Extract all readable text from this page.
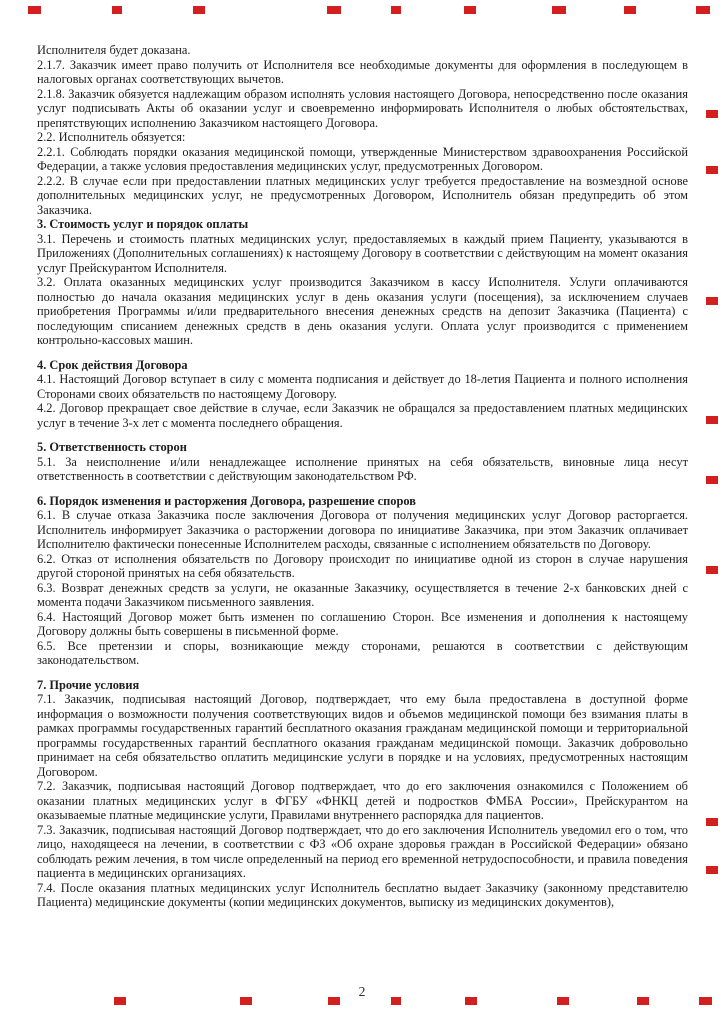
Исполнителя будет доказана.

2.1.7. Заказчик имеет право получить от Исполнителя все необходимые документы для оформления в последующем в налоговых органах соответствующих вычетов.

2.1.8. Заказчик обязуется надлежащим образом исполнять условия настоящего Договора, непосредственно после оказания услуг подписывать Акты об оказании услуг и своевременно информировать Исполнителя о любых обстоятельствах, препятствующих исполнению Заказчиком настоящего Договора.

2.2. Исполнитель обязуется:

2.2.1. Соблюдать порядки оказания медицинской помощи, утвержденные Министерством здравоохранения Российской Федерации, а также условия предоставления медицинских услуг, предусмотренных Договором.

2.2.2. В случае если при предоставлении платных медицинских услуг требуется предоставление на возмездной основе дополнительных медицинских услуг, не предусмотренных Договором, Исполнитель обязан предупредить об этом Заказчика.

3. Стоимость услуг и порядок оплаты

3.1. Перечень и стоимость платных медицинских услуг, предоставляемых в каждый прием Пациенту, указываются в Приложениях (Дополнительных соглашениях) к настоящему Договору в соответствии с действующим на момент оказания услуг Прейскурантом Исполнителя.

3.2. Оплата оказанных медицинских услуг производится Заказчиком в кассу Исполнителя. Услуги оплачиваются полностью до начала оказания медицинских услуг в день оказания услуги (посещения), за исключением случаев приобретения Программы и/или предварительного внесения денежных средств на депозит Заказчика (Пациента) с последующим списанием денежных средств в день оказания услуги. Оплата услуг производится с применением контрольно-кассовых машин.

4. Срок действия Договора

4.1. Настоящий Договор вступает в силу с момента подписания и действует до 18-летия Пациента и полного исполнения Сторонами своих обязательств по настоящему Договору.

4.2. Договор прекращает свое действие в случае, если Заказчик не обращался за предоставлением платных медицинских услуг в течение 3-х лет с момента последнего обращения.

5. Ответственность сторон

5.1. За неисполнение и/или ненадлежащее исполнение принятых на себя обязательств, виновные лица несут ответственность в соответствии с действующим законодательством РФ.

6. Порядок изменения и расторжения Договора, разрешение споров

6.1. В случае отказа Заказчика после заключения Договора от получения медицинских услуг Договор расторгается. Исполнитель информирует Заказчика о расторжении договора по инициативе Заказчика, при этом Заказчик оплачивает Исполнителю фактически понесенные Исполнителем расходы, связанные с исполнением обязательств по Договору.

6.2. Отказ от исполнения обязательств по Договору происходит по инициативе одной из сторон в случае нарушения другой стороной принятых на себя обязательств.

6.3. Возврат денежных средств за услуги, не оказанные Заказчику, осуществляется в течение 2-х банковских дней с момента подачи Заказчиком письменного заявления.

6.4. Настоящий Договор может быть изменен по соглашению Сторон. Все изменения и дополнения к настоящему Договору должны быть совершены в письменной форме.

6.5. Все претензии и споры, возникающие между сторонами, решаются в соответствии с действующим законодательством.

7. Прочие условия

7.1. Заказчик, подписывая настоящий Договор, подтверждает, что ему была предоставлена в доступной форме информация о возможности получения соответствующих видов и объемов медицинской помощи без взимания платы в рамках программы государственных гарантий бесплатного оказания гражданам медицинской помощи и территориальной программы государственных гарантий бесплатного оказания гражданам медицинской помощи. Заказчик добровольно принимает на себя обязательство оплатить медицинские услуги в порядке и на условиях, предусмотренных настоящим Договором.

7.2. Заказчик, подписывая настоящий Договор подтверждает, что до его заключения ознакомился с Положением об оказании платных медицинских услуг в ФГБУ «ФНКЦ детей и подростков ФМБА России», Прейскурантом на оказываемые платные медицинские услуги, Правилами внутреннего распорядка для пациентов.

7.3. Заказчик, подписывая настоящий Договор подтверждает, что до его заключения Исполнитель уведомил его о том, что лицо, находящееся на лечении, в соответствии с ФЗ «Об охране здоровья граждан в Российской Федерации» обязано соблюдать режим лечения, в том числе определенный на период его временной нетрудоспособности, и правила поведения пациента в медицинских организациях.

7.4. После оказания платных медицинских услуг Исполнитель бесплатно выдает Заказчику (законному представителю Пациента) медицинские документы (копии медицинских документов, выписку из медицинских документов),

2
